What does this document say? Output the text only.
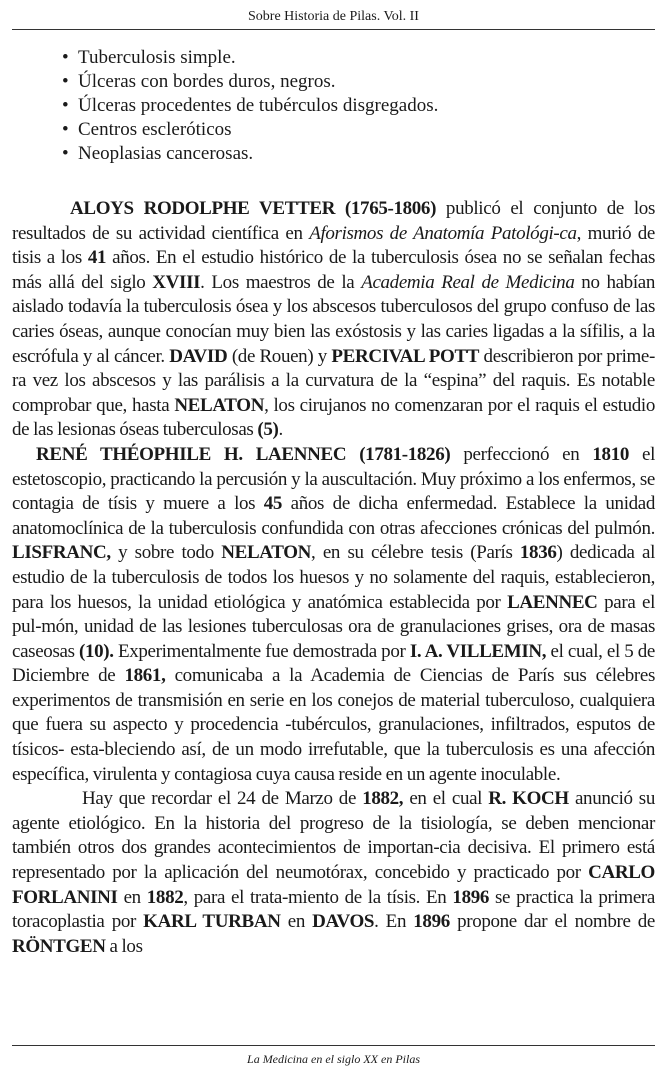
Sobre Historia de Pilas. Vol. II
• Tuberculosis simple.
• Úlceras con bordes duros, negros.
• Úlceras procedentes de tubérculos disgregados.
• Centros escleróticos
• Neoplasias cancerosas.

ALOYS RODOLPHE VETTER (1765-1806) publicó el conjunto de los resultados de su actividad científica en Aforismos de Anatomía Patológi-ca, murió de tisis a los 41 años. En el estudio histórico de la tuberculosis ósea no se señalan fechas más allá del siglo XVIII. Los maestros de la Academia Real de Medicina no habían aislado todavía la tuberculosis ósea y los abscesos tuberculosos del grupo confuso de las caries óseas, aunque conocían muy bien las exóstosis y las caries ligadas a la sífilis, a la escrófula y al cáncer. DAVID (de Rouen) y PERCIVAL POTT describieron por prime-ra vez los abscesos y las parálisis a la curvatura de la “espina” del raquis. Es notable comprobar que, hasta NELATON, los cirujanos no comenzaran por el raquis el estudio de las lesionas óseas tuberculosas (5).

RENÉ THÉOPHILE H. LAENNEC (1781-1826) perfeccionó en 1810 el estetoscopio, practicando la percusión y la auscultación. Muy próximo a los enfermos, se contagia de tísis y muere a los 45 años de dicha enfermedad. Establece la unidad anatomoclínica de la tuberculosis confundida con otras afecciones crónicas del pulmón. LISFRANC, y sobre todo NELATON, en su célebre tesis (París 1836) dedicada al estudio de la tuberculosis de todos los huesos y no solamente del raquis, establecieron, para los huesos, la unidad etiológica y anatómica establecida por LAENNEC para el pul-món, unidad de las lesiones tuberculosas ora de granulaciones grises, ora de masas caseosas (10). Experimentalmente fue demostrada por I. A. VILLEMIN, el cual, el 5 de Diciembre de 1861, comunicaba a la Academia de Ciencias de París sus célebres experimentos de transmisión en serie en los conejos de material tuberculoso, cualquiera que fuera su aspecto y procedencia -tubérculos, granulaciones, infiltrados, esputos de tísicos- esta-bleciendo así, de un modo irrefutable, que la tuberculosis es una afección específica, virulenta y contagiosa cuya causa reside en un agente inoculable.

Hay que recordar el 24 de Marzo de 1882, en el cual R. KOCH anunció su agente etiológico. En la historia del progreso de la tisiología, se deben mencionar también otros dos grandes acontecimientos de importan-cia decisiva. El primero está representado por la aplicación del neumotórax, concebido y practicado por CARLO FORLANINI en 1882, para el trata-miento de la tísis. En 1896 se practica la primera toracoplastia por KARL TURBAN en DAVOS. En 1896 propone dar el nombre de RÖNTGEN a los

La Medicina en el siglo XX en Pilas
